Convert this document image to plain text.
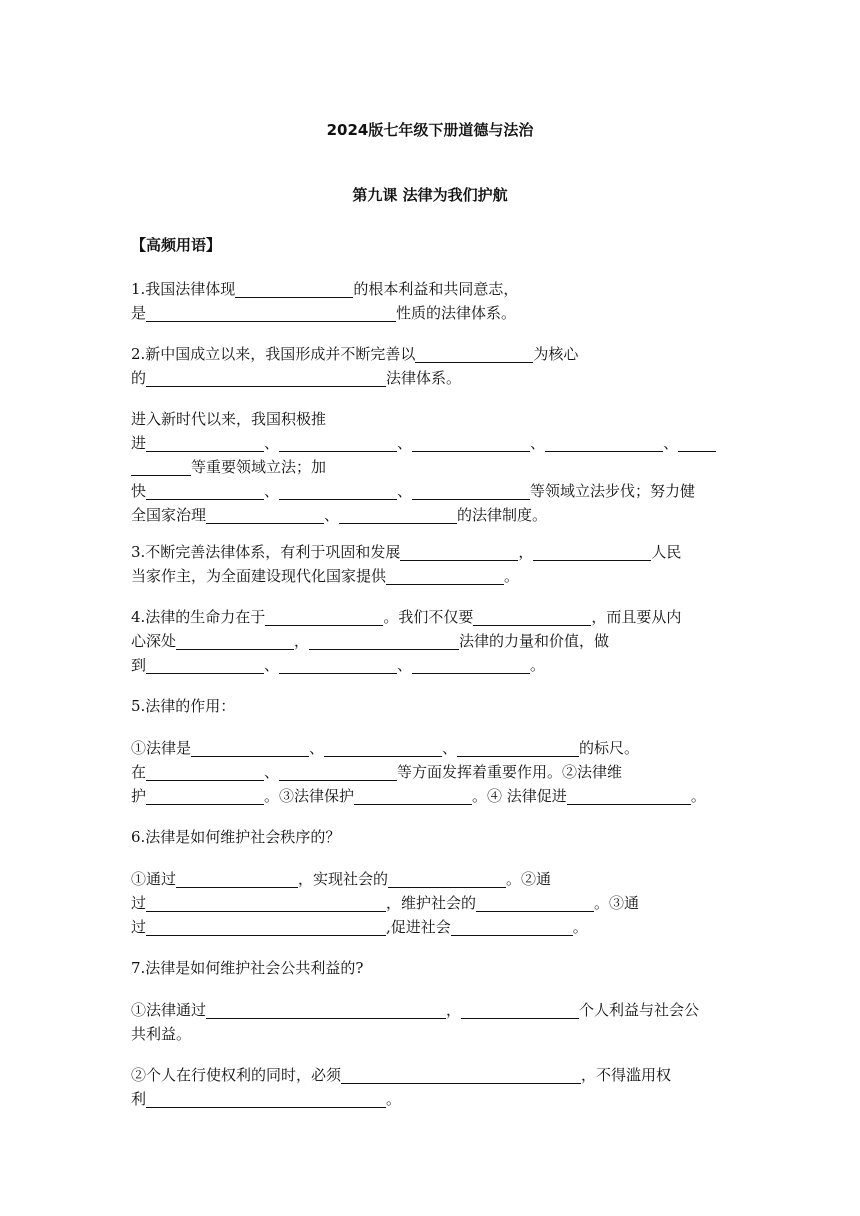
2024版七年级下册道德与法治
第九课 法律为我们护航
【高频用语】
1.我国法律体现	的根本利益和共同意志，
是	性质的法律体系。
2.新中国成立以来，我国形成并不断完善以	为核心
的	法律体系。
进入新时代以来，我国积极推
进	、	、	、	、
等重要领域立法；加
快	、	、	等领域立法步伐；努力健
全国家治理	、	的法律制度。
3.不断完善法律体系，有利于巩固和发展	，	人民
当家作主，为全面建设现代化国家提供	。
4.法律的生命力在于	。我们不仅要	，而且要从内
心深处	，	法律的力量和价值，做
到	、	、	。
5.法律的作用：
①法律是	、	、	的标尺。
在	、	等方面发挥着重要作用。②法律维
护	。③法律保护	。④ 法律促进	。
6.法律是如何维护社会秩序的？
①通过	，实现社会的	。②通
过	，维护社会的	。③通
过	,促进社会	。
7.法律是如何维护社会公共利益的?
①法律通过	，	个人利益与社会公
共利益。
②个人在行使权利的同时，必须	，不得滥用权
利	。
